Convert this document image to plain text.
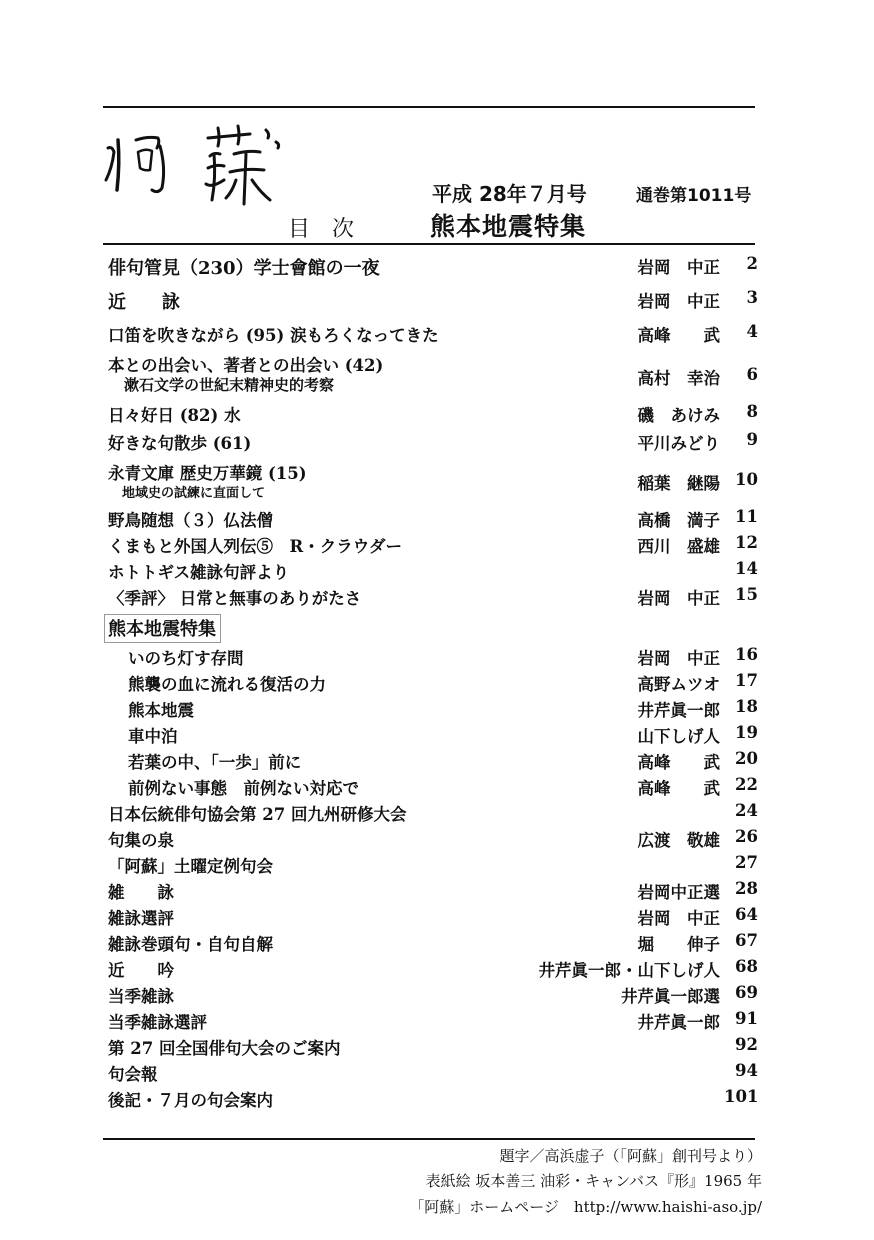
目次
平成 28年７月号	通巻第1011号
熊本地震特集
俳句管見（230）学士會館の一夜	岩岡　中正	2
近　　詠	岩岡　中正	3
口笛を吹きながら (95) 涙もろくなってきた	高峰　　武	4
本との出会い、著者との出会い (42)
漱石文学の世紀末精神史的考察	高村　幸治	6
日々好日 (82) 水	磯　あけみ	8
好きな句散歩 (61)	平川みどり	9
永青文庫 歴史万華鏡 (15)
地域史の試練に直面して
稲葉　継陽 10
野鳥随想（３）仏法僧	高橋　満子 11
くまもと外国人列伝⑤　R・クラウダー	西川　盛雄 12
ホトトギス雑詠句評より	14
〈季評〉 日常と無事のありがたさ	岩岡　中正 15
熊本地震特集
いのち灯す存問	岩岡　中正 16
熊襲の血に流れる復活の力	高野ムツオ 17
熊本地震	井芹眞一郎 18
車中泊	山下しげ人 19
若葉の中、「一歩」前に	高峰　　武 20
前例ない事態　前例ない対応で	高峰　　武 22
日本伝統俳句協会第 27 回九州研修大会	24
句集の泉	広渡　敬雄 26
「阿蘇」土曜定例句会	27
雑　　詠	岩岡中正選 28
雑詠選評	岩岡　中正 64
雑詠巻頭句・自句自解	堀　　伸子 67
近　　吟	井芹眞一郎・山下しげ人 68
当季雑詠	井芹眞一郎選 69
当季雑詠選評	井芹眞一郎 91
第 27 回全国俳句大会のご案内	92
句会報	94
後記・７月の句会案内	101
題字／高浜虚子（「阿蘇」創刊号より）
表紙絵 坂本善三 油彩・キャンバス『形』1965 年
「阿蘇」ホームページ　http://www.haishi-aso.jp/
